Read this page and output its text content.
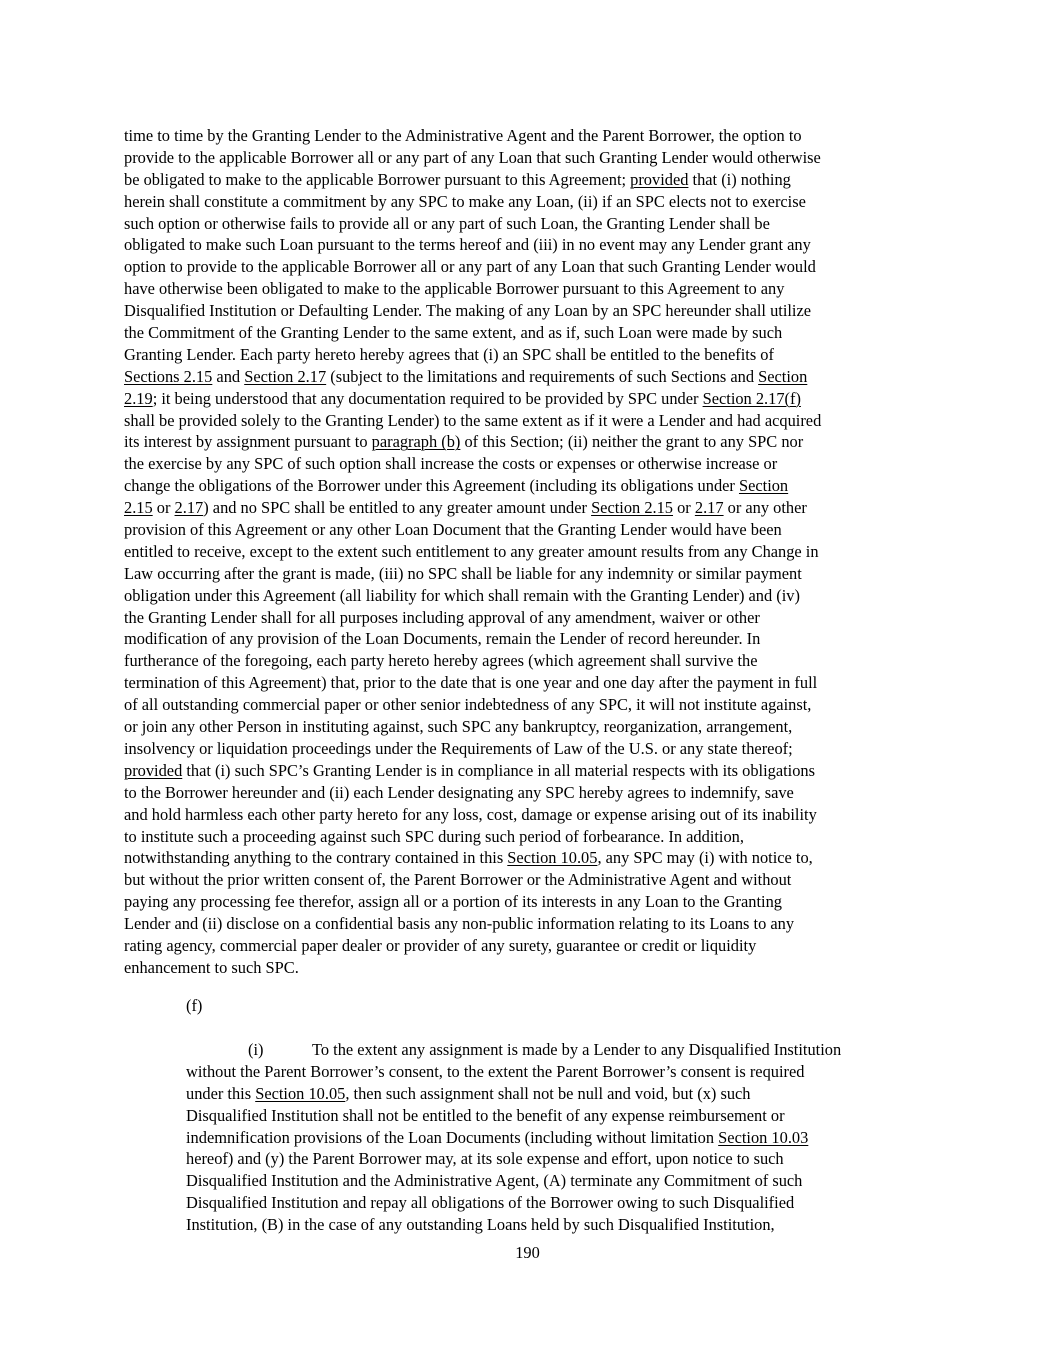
time to time by the Granting Lender to the Administrative Agent and the Parent Borrower, the option to
provide to the applicable Borrower all or any part of any Loan that such Granting Lender would otherwise
be obligated to make to the applicable Borrower pursuant to this Agreement; provided that (i) nothing
herein shall constitute a commitment by any SPC to make any Loan, (ii) if an SPC elects not to exercise
such option or otherwise fails to provide all or any part of such Loan, the Granting Lender shall be
obligated to make such Loan pursuant to the terms hereof and (iii) in no event may any Lender grant any
option to provide to the applicable Borrower all or any part of any Loan that such Granting Lender would
have otherwise been obligated to make to the applicable Borrower pursuant to this Agreement to any
Disqualified Institution or Defaulting Lender. The making of any Loan by an SPC hereunder shall utilize
the Commitment of the Granting Lender to the same extent, and as if, such Loan were made by such
Granting Lender. Each party hereto hereby agrees that (i) an SPC shall be entitled to the benefits of
Sections 2.15 and Section 2.17 (subject to the limitations and requirements of such Sections and Section
2.19; it being understood that any documentation required to be provided by SPC under Section 2.17(f)
shall be provided solely to the Granting Lender) to the same extent as if it were a Lender and had acquired
its interest by assignment pursuant to paragraph (b) of this Section; (ii) neither the grant to any SPC nor
the exercise by any SPC of such option shall increase the costs or expenses or otherwise increase or
change the obligations of the Borrower under this Agreement (including its obligations under Section
2.15 or 2.17) and no SPC shall be entitled to any greater amount under Section 2.15 or 2.17 or any other
provision of this Agreement or any other Loan Document that the Granting Lender would have been
entitled to receive, except to the extent such entitlement to any greater amount results from any Change in
Law occurring after the grant is made, (iii) no SPC shall be liable for any indemnity or similar payment
obligation under this Agreement (all liability for which shall remain with the Granting Lender) and (iv)
the Granting Lender shall for all purposes including approval of any amendment, waiver or other
modification of any provision of the Loan Documents, remain the Lender of record hereunder. In
furtherance of the foregoing, each party hereto hereby agrees (which agreement shall survive the
termination of this Agreement) that, prior to the date that is one year and one day after the payment in full
of all outstanding commercial paper or other senior indebtedness of any SPC, it will not institute against,
or join any other Person in instituting against, such SPC any bankruptcy, reorganization, arrangement,
insolvency or liquidation proceedings under the Requirements of Law of the U.S. or any state thereof;
provided that (i) such SPC’s Granting Lender is in compliance in all material respects with its obligations
to the Borrower hereunder and (ii) each Lender designating any SPC hereby agrees to indemnify, save
and hold harmless each other party hereto for any loss, cost, damage or expense arising out of its inability
to institute such a proceeding against such SPC during such period of forbearance. In addition,
notwithstanding anything to the contrary contained in this Section 10.05, any SPC may (i) with notice to,
but without the prior written consent of, the Parent Borrower or the Administrative Agent and without
paying any processing fee therefor, assign all or a portion of its interests in any Loan to the Granting
Lender and (ii) disclose on a confidential basis any non-public information relating to its Loans to any
rating agency, commercial paper dealer or provider of any surety, guarantee or credit or liquidity
enhancement to such SPC.
(f)
(i)	To the extent any assignment is made by a Lender to any Disqualified Institution
without the Parent Borrower’s consent, to the extent the Parent Borrower’s consent is required
under this Section 10.05, then such assignment shall not be null and void, but (x) such
Disqualified Institution shall not be entitled to the benefit of any expense reimbursement or
indemnification provisions of the Loan Documents (including without limitation Section 10.03
hereof) and (y) the Parent Borrower may, at its sole expense and effort, upon notice to such
Disqualified Institution and the Administrative Agent, (A) terminate any Commitment of such
Disqualified Institution and repay all obligations of the Borrower owing to such Disqualified
Institution, (B) in the case of any outstanding Loans held by such Disqualified Institution,
190
